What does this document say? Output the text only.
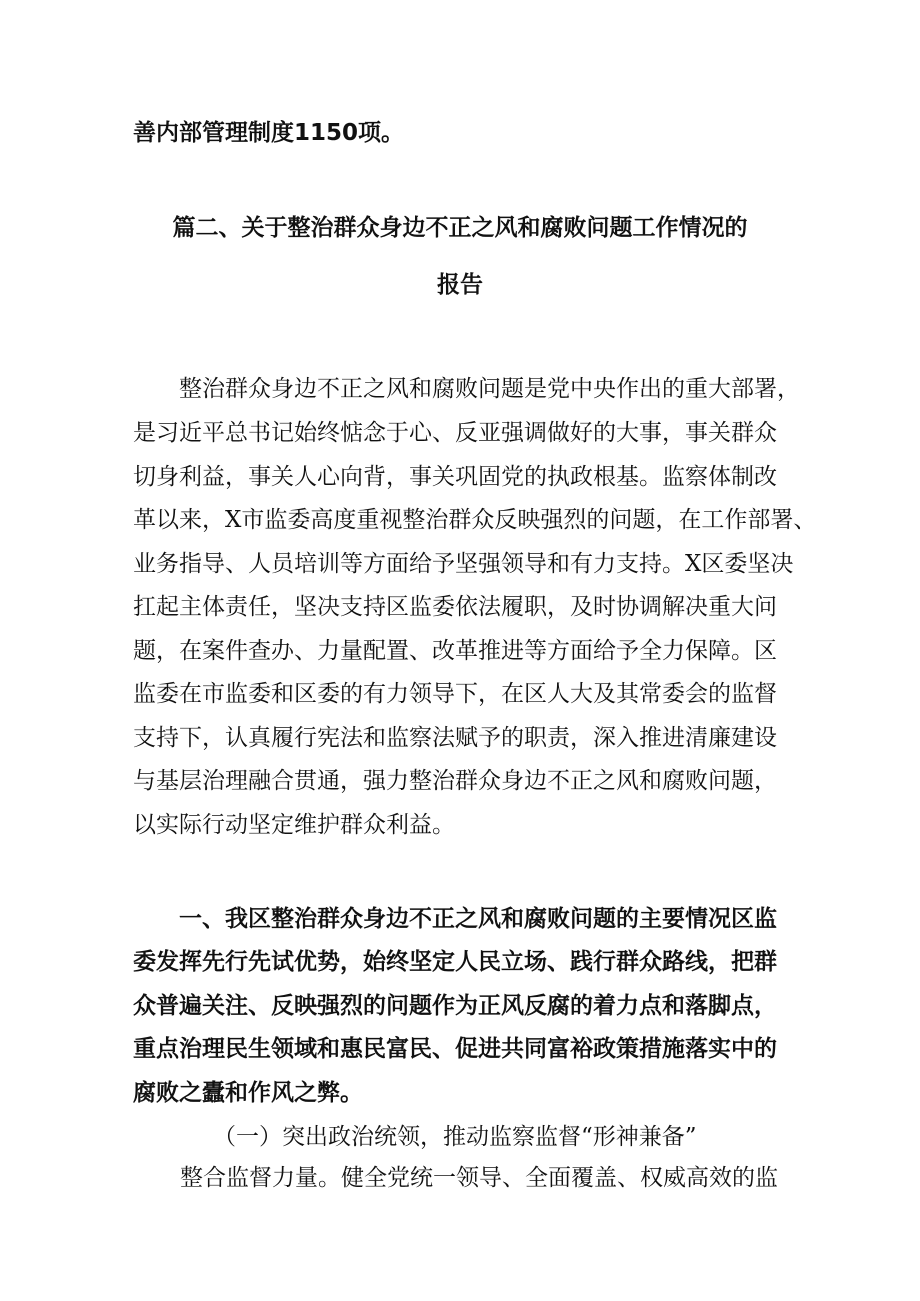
善内部管理制度1150项。
篇二、关于整治群众身边不正之风和腐败问题工作情况的
报告
整治群众身边不正之风和腐败问题是党中央作出的重大部署，
是习近平总书记始终惦念于心、反亚强调做好的大事，事关群众
切身利益，事关人心向背，事关巩固党的执政根基。监察体制改
革以来，X市监委高度重视整治群众反映强烈的问题，在工作部署、
业务指导、人员培训等方面给予坚强领导和有力支持。X区委坚决
扛起主体责任，坚决支持区监委依法履职，及时协调解决重大问
题，在案件查办、力量配置、改革推进等方面给予全力保障。区
监委在市监委和区委的有力领导下，在区人大及其常委会的监督
支持下，认真履行宪法和监察法赋予的职责，深入推进清廉建设
与基层治理融合贯通，强力整治群众身边不正之风和腐败问题，
以实际行动坚定维护群众利益。
一、我区整治群众身边不正之风和腐败问题的主要情况区监
委发挥先行先试优势，始终坚定人民立场、践行群众路线，把群
众普遍关注、反映强烈的问题作为正风反腐的着力点和落脚点，
重点治理民生领域和惠民富民、促进共同富裕政策措施落实中的
腐败之蠹和作风之弊。
（一）突出政治统领，推动监察监督“形神兼备”
整合监督力量。健全党统一领导、全面覆盖、权威高效的监
